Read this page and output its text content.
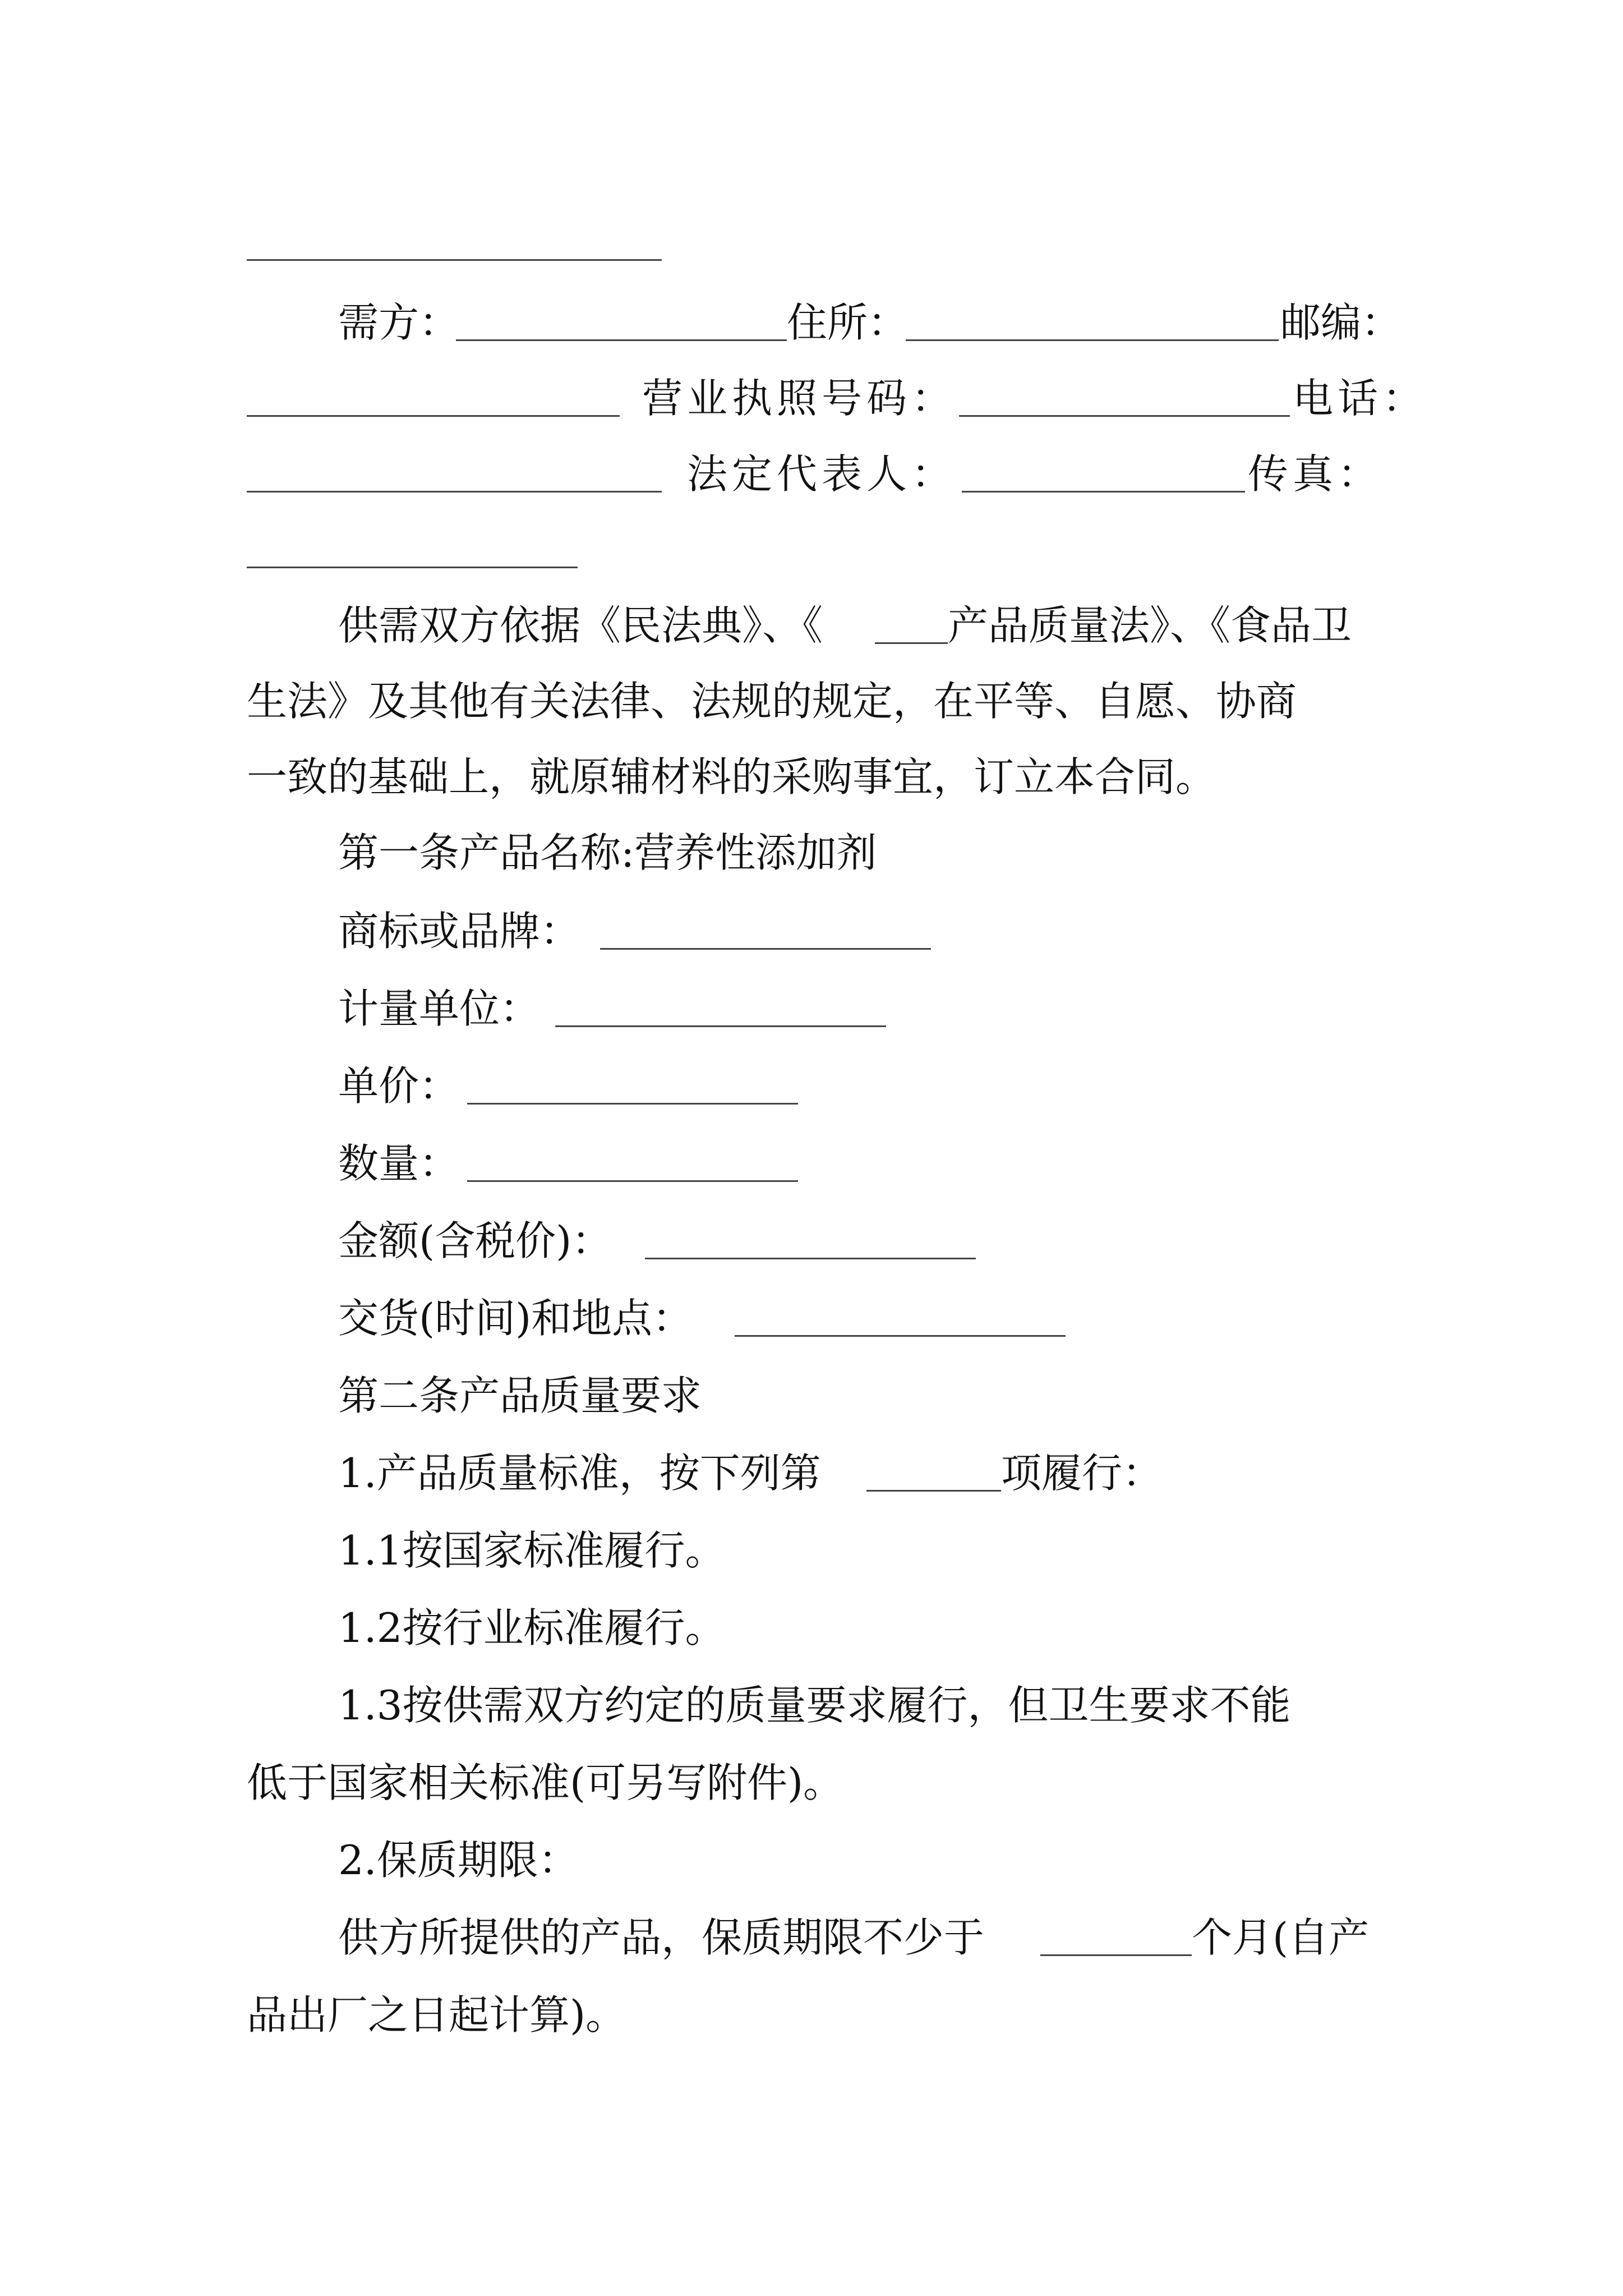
需方：	住所：	邮编：
营业执照号码：	电话：
法定代表人：	传真：
供需双方依据《民法典》、《	产品质量法》、《食品卫
生法》及其他有关法律、法规的规定，在平等、自愿、协商
一致的基础上，就原辅材料的采购事宜，订立本合同。
第一条产品名称:营养性添加剂
商标或品牌：
计量单位：
单价：
数量：
金额(含税价)：
交货(时间)和地点：
第二条产品质量要求
1.产品质量标准，按下列第	项履行：
1.1按国家标准履行。
1.2按行业标准履行。
1.3按供需双方约定的质量要求履行，但卫生要求不能
低于国家相关标准(可另写附件)。
2.保质期限：
供方所提供的产品，保质期限不少于	个月(自产
品出厂之日起计算)。
